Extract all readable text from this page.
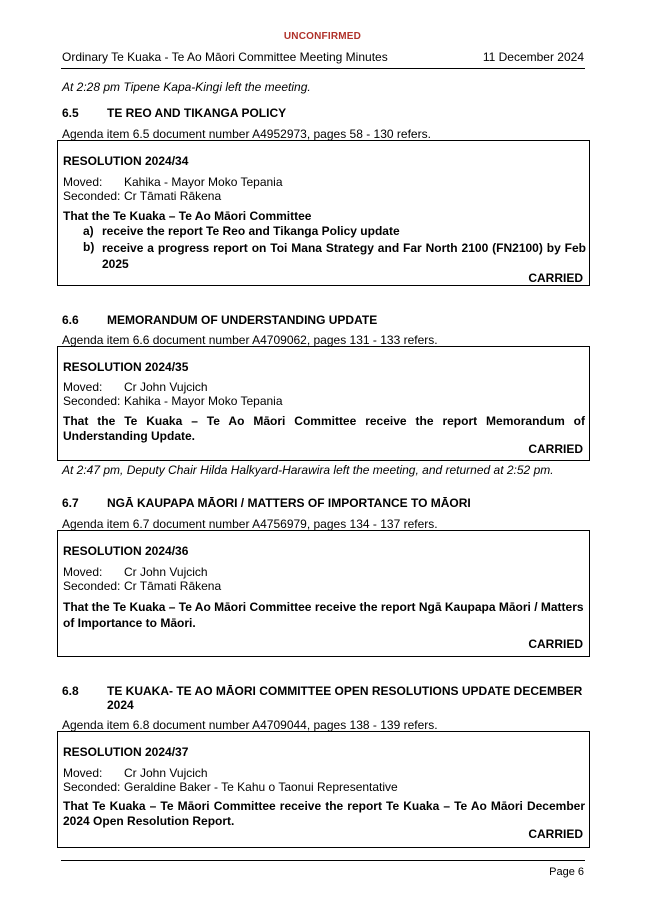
UNCONFIRMED
Ordinary Te Kuaka - Te Ao Māori Committee Meeting Minutes	11 December 2024
At 2:28 pm Tipene Kapa-Kingi left the meeting.
6.5 TE REO AND TIKANGA POLICY
Agenda item 6.5 document number A4952973, pages 58 - 130 refers.
RESOLUTION 2024/34
Moved: Kahika - Mayor Moko Tepania
Seconded: Cr Tāmati Rākena
That the Te Kuaka – Te Ao Māori Committee
a) receive the report Te Reo and Tikanga Policy update
b) receive a progress report on Toi Mana Strategy and Far North 2100 (FN2100) by Feb 2025
CARRIED
6.6 MEMORANDUM OF UNDERSTANDING UPDATE
Agenda item 6.6 document number A4709062, pages 131 - 133 refers.
RESOLUTION 2024/35
Moved: Cr John Vujcich
Seconded: Kahika - Mayor Moko Tepania
That the Te Kuaka – Te Ao Māori Committee receive the report Memorandum of Understanding Update.
CARRIED
At 2:47 pm, Deputy Chair Hilda Halkyard-Harawira left the meeting, and returned at 2:52 pm.
6.7 NGĀ KAUPAPA MĀORI / MATTERS OF IMPORTANCE TO MĀORI
Agenda item 6.7 document number A4756979, pages 134 - 137 refers.
RESOLUTION 2024/36
Moved: Cr John Vujcich
Seconded: Cr Tāmati Rākena
That the Te Kuaka – Te Ao Māori Committee receive the report Ngā Kaupapa Māori / Matters of Importance to Māori.
CARRIED
6.8 TE KUAKA- TE AO MĀORI COMMITTEE OPEN RESOLUTIONS UPDATE DECEMBER 2024
Agenda item 6.8 document number A4709044, pages 138 - 139 refers.
RESOLUTION 2024/37
Moved: Cr John Vujcich
Seconded: Geraldine Baker - Te Kahu o Taonui Representative
That Te Kuaka – Te Māori Committee receive the report Te Kuaka – Te Ao Māori December 2024 Open Resolution Report.
CARRIED
Page 6
